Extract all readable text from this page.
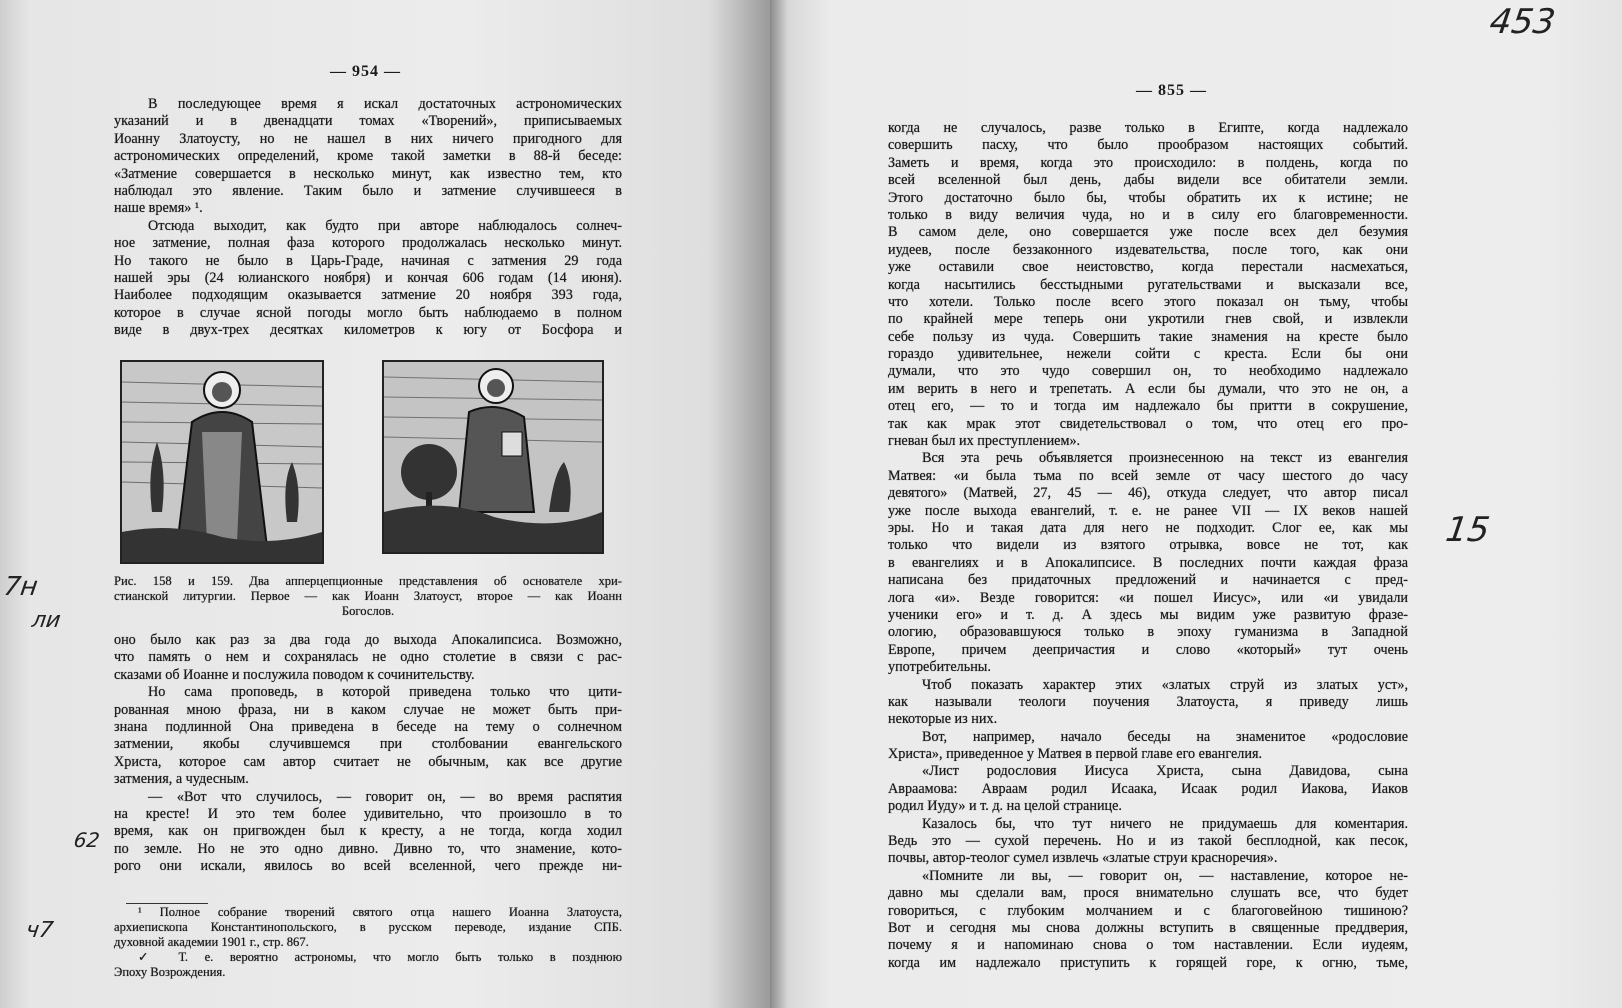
— 954 —
В последующее время я искал достаточных астрономических
указаний и в двенадцати томах «Творений», приписываемых
Иоанну Златоусту, но не нашел в них ничего пригодного для
астрономических определений, кроме такой заметки в 88-й беседе:
«Затмение совершается в несколько минут, как известно тем, кто
наблюдал это явление. Таким было и затмение случившееся в
наше время» ¹.
Отсюда выходит, как будто при авторе наблюдалось солнеч-
ное затмение, полная фаза которого продолжалась несколько минут.
Но такого не было в Царь-Граде, начиная с затмения 29 года
нашей эры (24 юлианского ноября) и кончая 606 годам (14 июня).
Наиболее подходящим оказывается затмение 20 ноября 393 года,
которое в случае ясной погоды могло быть наблюдаемо в полном
виде в двух-трех десятках километров к югу от Босфора и
Рис. 158 и 159. Два апперцепционные представления об основателе хри-
стианской литургии. Первое — как Иоанн Златоуст, второе — как Иоанн
Богослов.
оно было как раз за два года до выхода Апокалипсиса. Возможно,
что память о нем и сохранялась не одно столетие в связи с рас-
сказами об Иоанне и послужила поводом к сочинительству.
Но сама проповедь, в которой приведена только что цити-
рованная мною фраза, ни в каком случае не может быть при-
знана подлинной Она приведена в беседе на тему о солнечном
затмении, якобы случившемся при столбовании евангельского
Христа, которое сам автор считает не обычным, как все другие
затмения, а чудесным.
— «Вот что случилось, — говорит он, — во время распятия
на кресте! И это тем более удивительно, что произошло в то
время, как он пригвожден был к кресту, а не тогда, когда ходил
по земле. Но не это одно дивно. Дивно то, что знамение, кото-
рого они искали, явилось во всей вселенной, чего прежде ни-
¹ Полное собрание творений святого отца нашего Иоанна Златоуста,
архиепископа Константинопольского, в русском переводе, издание СПБ.
духовной академии 1901 г., стр. 867.
✓ Т. е. вероятно астрономы, что могло быть только в позднюю
Эпоху Возрождения.
7н
ли
62
ч7
— 855 —
когда не случалось, разве только в Египте, когда надлежало
совершить пасху, что было прообразом настоящих событий.
Заметь и время, когда это происходило: в полдень, когда по
всей вселенной был день, дабы видели все обитатели земли.
Этого достаточно было бы, чтобы обратить их к истине; не
только в виду величия чуда, но и в силу его благовременности.
В самом деле, оно совершается уже после всех дел безумия
иудеев, после беззаконного издевательства, после того, как они
уже оставили свое неистовство, когда перестали насмехаться,
когда насытились бесстыдными ругательствами и высказали все,
что хотели. Только после всего этого показал он тьму, чтобы
по крайней мере теперь они укротили гнев свой, и извлекли
себе пользу из чуда. Совершить такие знамения на кресте было
гораздо удивительнее, нежели сойти с креста. Если бы они
думали, что это чудо совершил он, то необходимо надлежало
им верить в него и трепетать. А если бы думали, что это не он, а
отец его, — то и тогда им надлежало бы притти в сокрушение,
так как мрак этот свидетельствовал о том, что отец его про-
гневан был их преступлением».
Вся эта речь объявляется произнесенною на текст из евангелия
Матвея: «и была тьма по всей земле от часу шестого до часу
девятого» (Матвей, 27, 45 — 46), откуда следует, что автор писал
уже после выхода евангелий, т. е. не ранее VII — IX веков нашей
эры. Но и такая дата для него не подходит. Слог ее, как мы
только что видели из взятого отрывка, вовсе не тот, как
в евангелиях и в Апокалипсисе. В последних почти каждая фраза
написана без придаточных предложений и начинается с пред-
лога «и». Везде говорится: «и пошел Иисус», или «и увидали
ученики его» и т. д. А здесь мы видим уже развитую фразе-
ологию, образовавшуюся только в эпоху гуманизма в Западной
Европе, причем деепричастия и слово «который» тут очень
употребительны.
Чтоб показать характер этих «златых струй из златых уст»,
как называли теологи поучения Златоуста, я приведу лишь
некоторые из них.
Вот, например, начало беседы на знаменитое «родословие
Христа», приведенное у Матвея в первой главе его евангелия.
«Лист родословия Иисуса Христа, сына Давидова, сына
Авраамова: Авраам родил Исаака, Исаак родил Иакова, Иаков
родил Иуду» и т. д. на целой странице.
Казалось бы, что тут ничего не придумаешь для коментария.
Ведь это — сухой перечень. Но и из такой бесплодной, как песок,
почвы, автор-теолог сумел извлечь «златые струи красноречия».
«Помните ли вы, — говорит он, — наставление, которое не-
давно мы сделали вам, прося внимательно слушать все, что будет
говориться, с глубоким молчанием и с благоговейною тишиною?
Вот и сегодня мы снова должны вступить в священные преддверия,
почему я и напоминаю снова о том наставлении. Если иудеям,
когда им надлежало приступить к горящей горе, к огню, тьме,
453
15
